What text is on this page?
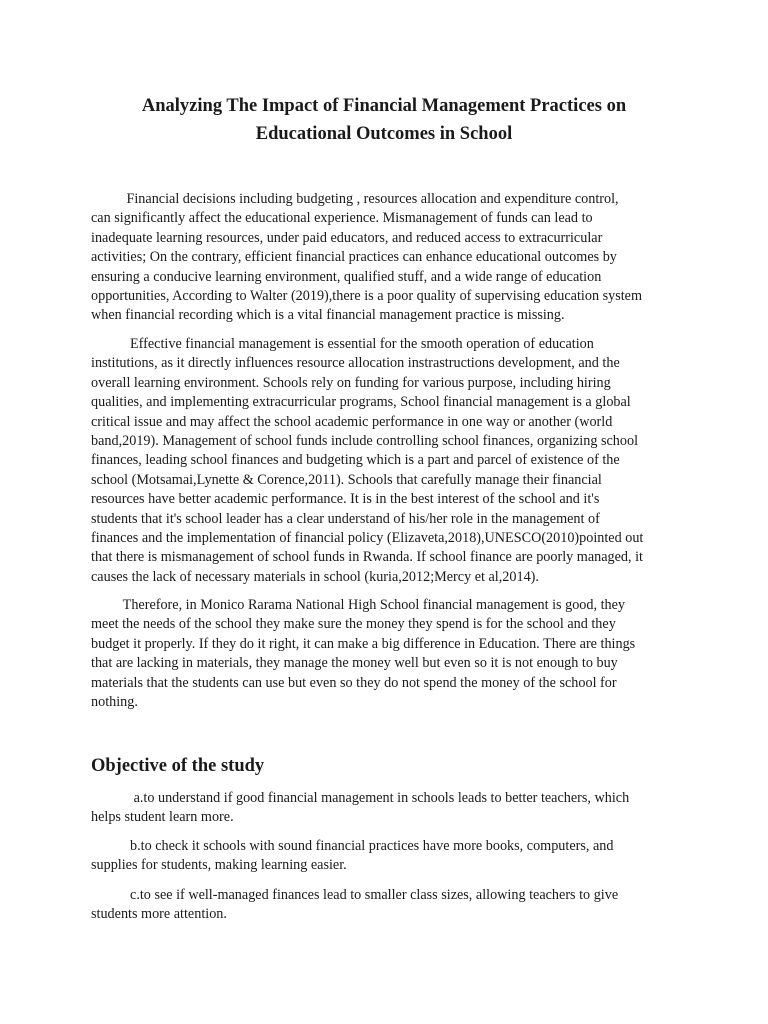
Analyzing The Impact of Financial Management Practices on
Educational Outcomes in School
Financial decisions including budgeting , resources allocation and expenditure control,
can significantly affect the educational experience. Mismanagement of funds can lead to
inadequate learning resources, under paid educators, and reduced access to extracurricular
activities; On the contrary, efficient financial practices can enhance educational outcomes by
ensuring a conducive learning environment, qualified stuff, and a wide range of education
opportunities, According to Walter (2019),there is a poor quality of supervising education system
when financial recording which is a vital financial management practice is missing.
Effective financial management is essential for the smooth operation of education
institutions, as it directly influences resource allocation instrastructions development, and the
overall learning environment. Schools rely on funding for various purpose, including hiring
qualities, and implementing extracurricular programs, School financial management is a global
critical issue and may affect the school academic performance in one way or another (world
band,2019). Management of school funds include controlling school finances, organizing school
finances, leading school finances and budgeting which is a part and parcel of existence of the
school (Motsamai,Lynette & Corence,2011). Schools that carefully manage their financial
resources have better academic performance. It is in the best interest of the school and it's
students that it's school leader has a clear understand of his/her role in the management of
finances and the implementation of financial policy (Elizaveta,2018),UNESCO(2010)pointed out
that there is mismanagement of school funds in Rwanda. If school finance are poorly managed, it
causes the lack of necessary materials in school (kuria,2012;Mercy et al,2014).
Therefore, in Monico Rarama National High School financial management is good, they
meet the needs of the school they make sure the money they spend is for the school and they
budget it properly. If they do it right, it can make a big difference in Education. There are things
that are lacking in materials, they manage the money well but even so it is not enough to buy
materials that the students can use but even so they do not spend the money of the school for
nothing.
Objective of the study
a.to understand if good financial management in schools leads to better teachers, which
helps student learn more.
b.to check it schools with sound financial practices have more books, computers, and
supplies for students, making learning easier.
c.to see if well-managed finances lead to smaller class sizes, allowing teachers to give
students more attention.
